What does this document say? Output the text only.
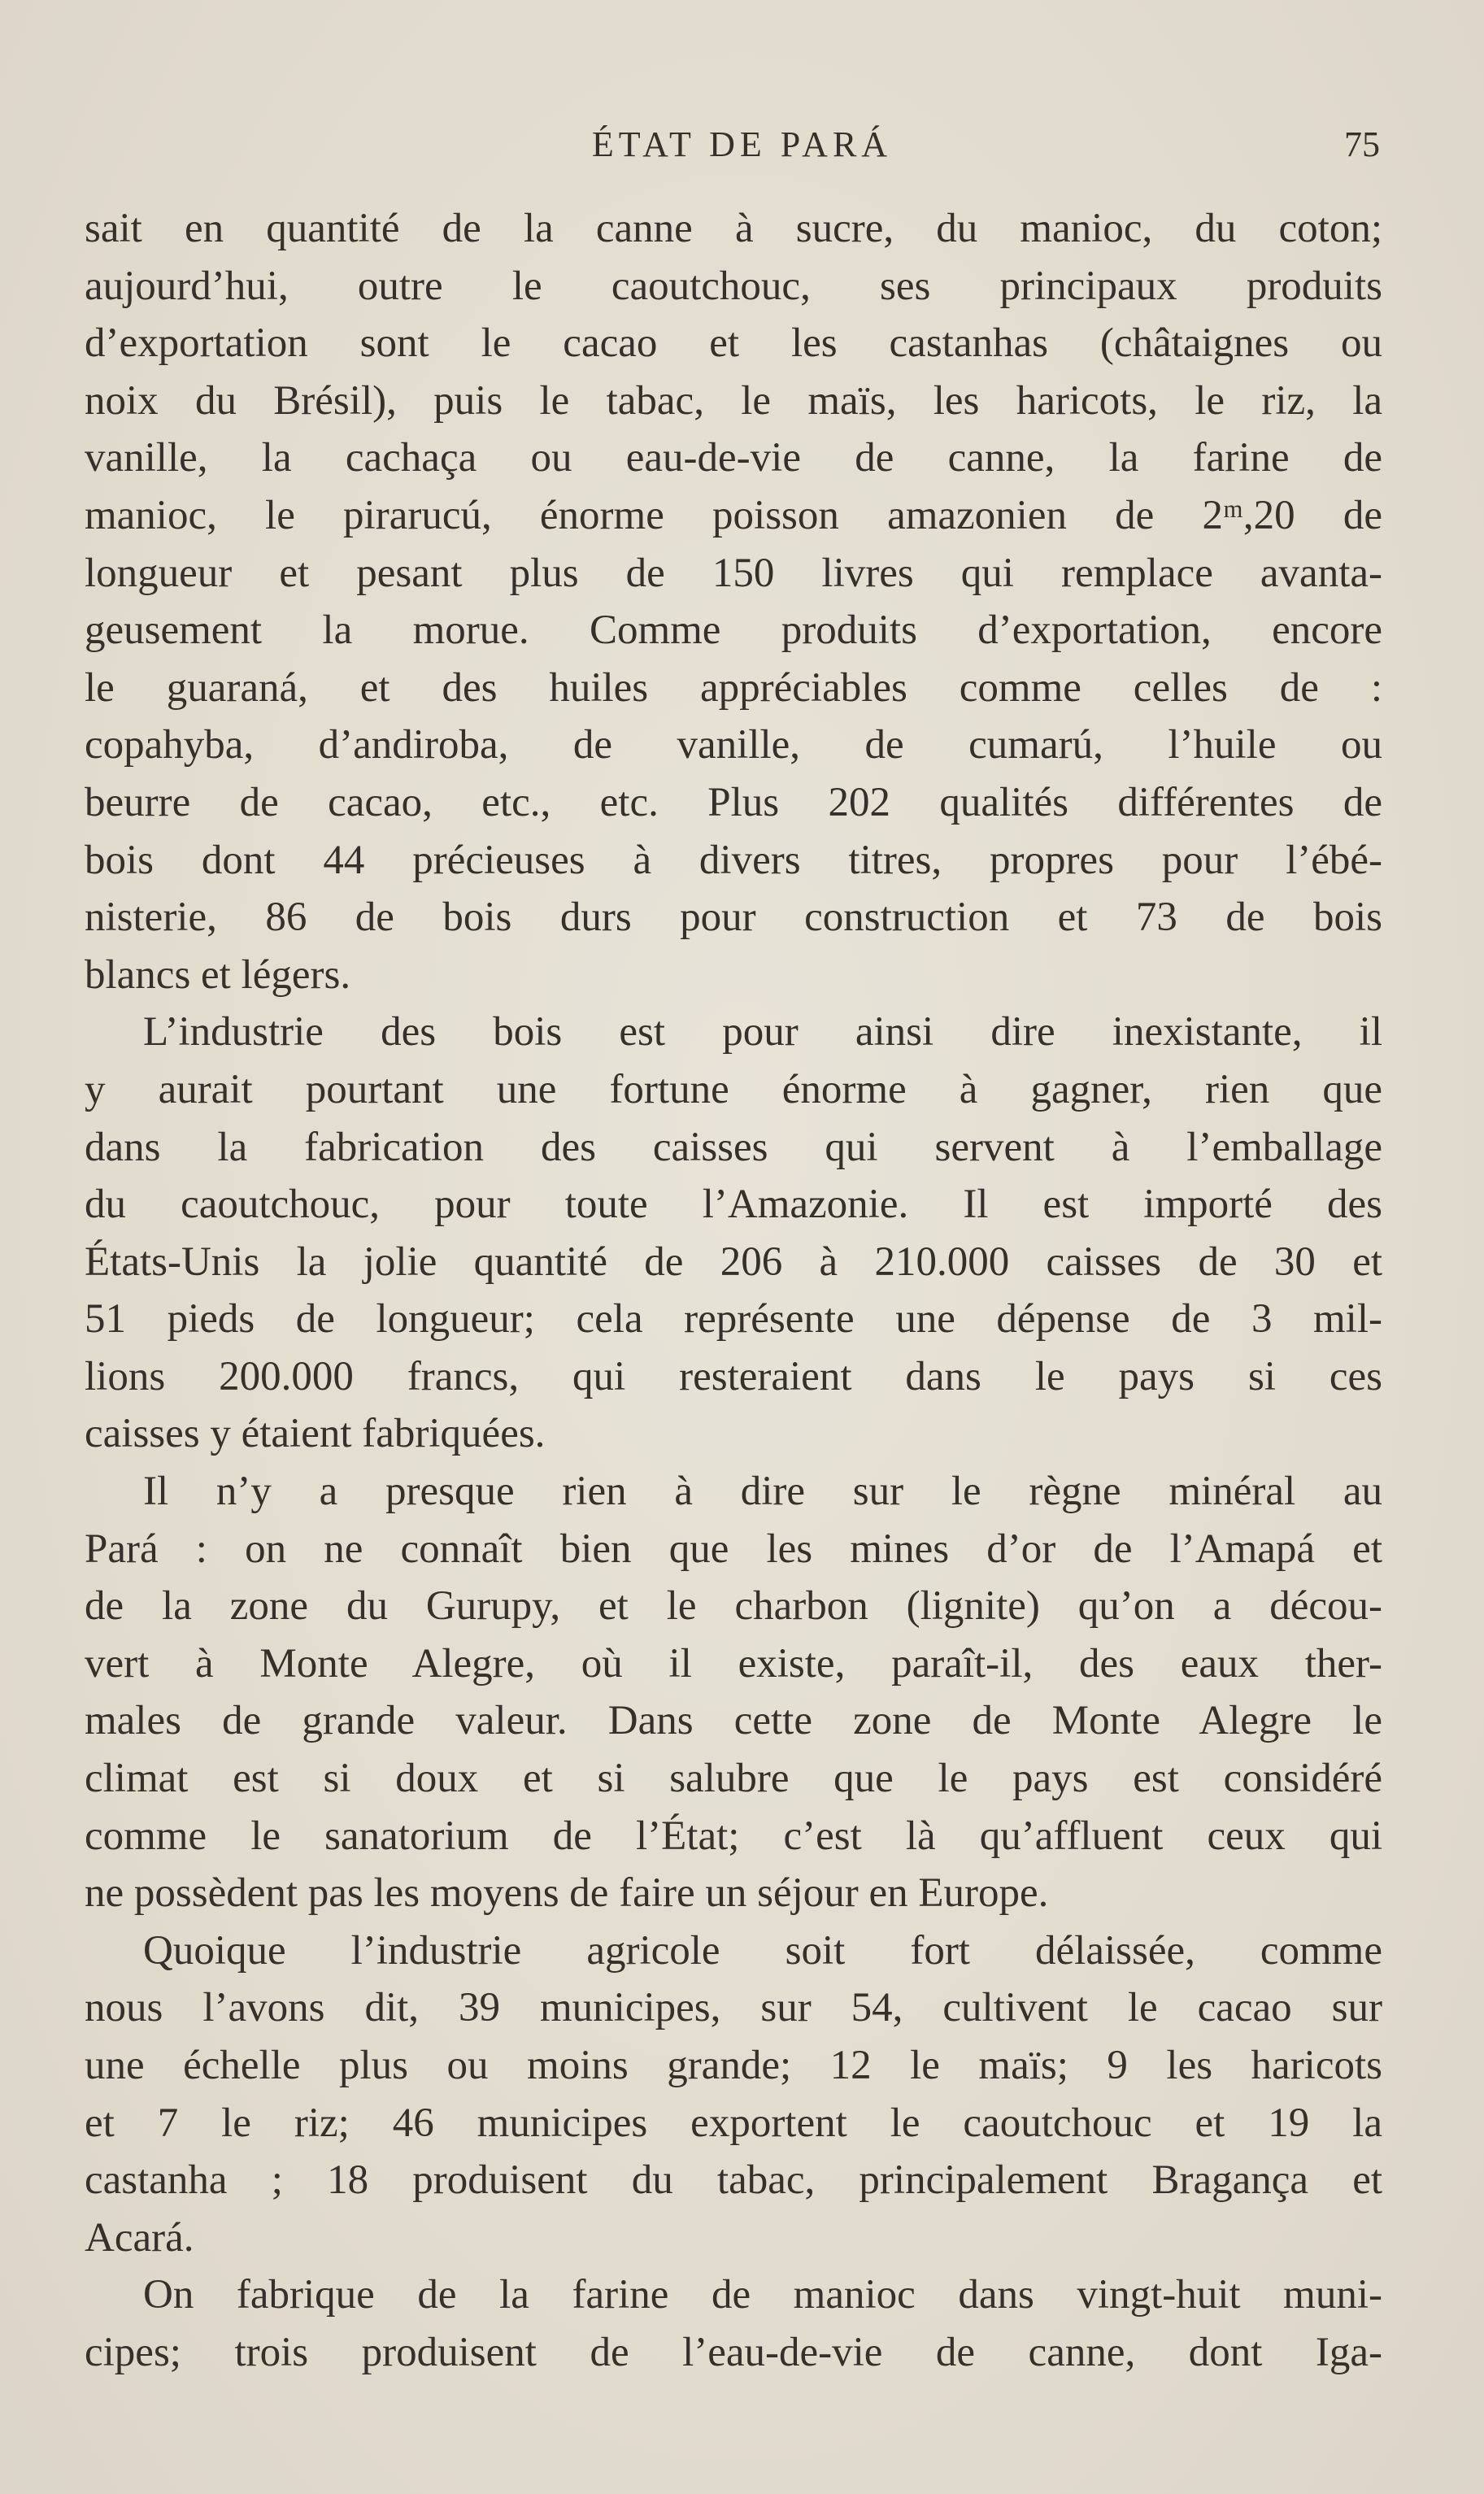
ÉTAT DE PARÁ	75
sait en quantité de la canne à sucre, du manioc, du coton;
aujourd’hui, outre le caoutchouc, ses principaux produits
d’exportation sont le cacao et les castanhas (châtaignes ou
noix du Brésil), puis le tabac, le maïs, les haricots, le riz, la
vanille, la cachaça ou eau-de-vie de canne, la farine de
manioc, le pirarucú, énorme poisson amazonien de 2ᵐ,20 de
longueur et pesant plus de 150 livres qui remplace avanta-
geusement la morue. Comme produits d’exportation, encore
le guaraná, et des huiles appréciables comme celles de :
copahyba, d’andiroba, de vanille, de cumarú, l’huile ou
beurre de cacao, etc., etc. Plus 202 qualités différentes de
bois dont 44 précieuses à divers titres, propres pour l’ébé-
nisterie, 86 de bois durs pour construction et 73 de bois
blancs et légers.
L’industrie des bois est pour ainsi dire inexistante, il
y aurait pourtant une fortune énorme à gagner, rien que
dans la fabrication des caisses qui servent à l’emballage
du caoutchouc, pour toute l’Amazonie. Il est importé des
États-Unis la jolie quantité de 206 à 210.000 caisses de 30 et
51 pieds de longueur; cela représente une dépense de 3 mil-
lions 200.000 francs, qui resteraient dans le pays si ces
caisses y étaient fabriquées.
Il n’y a presque rien à dire sur le règne minéral au
Pará : on ne connaît bien que les mines d’or de l’Amapá et
de la zone du Gurupy, et le charbon (lignite) qu’on a décou-
vert à Monte Alegre, où il existe, paraît-il, des eaux ther-
males de grande valeur. Dans cette zone de Monte Alegre le
climat est si doux et si salubre que le pays est considéré
comme le sanatorium de l’État; c’est là qu’affluent ceux qui
ne possèdent pas les moyens de faire un séjour en Europe.
Quoique l’industrie agricole soit fort délaissée, comme
nous l’avons dit, 39 municipes, sur 54, cultivent le cacao sur
une échelle plus ou moins grande; 12 le maïs; 9 les haricots
et 7 le riz; 46 municipes exportent le caoutchouc et 19 la
castanha ; 18 produisent du tabac, principalement Bragança et
Acará.
On fabrique de la farine de manioc dans vingt-huit muni-
cipes; trois produisent de l’eau-de-vie de canne, dont Iga-
